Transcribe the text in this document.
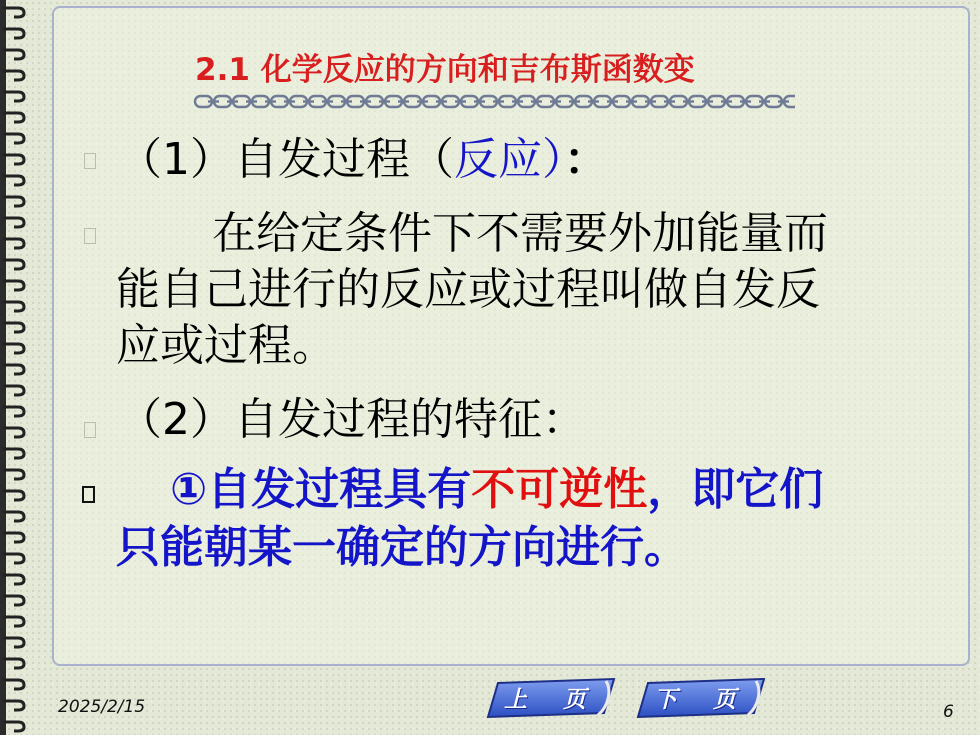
2.1 化学反应的方向和吉布斯函数变
（1）自发过程（反应）：
在给定条件下不需要外加能量而
能自己进行的反应或过程叫做自发反
应或过程。
（2）自发过程的特征：
①自发过程具有不可逆性，即它们
只能朝某一确定的方向进行。
2025/2/15	6
上 页	下 页
